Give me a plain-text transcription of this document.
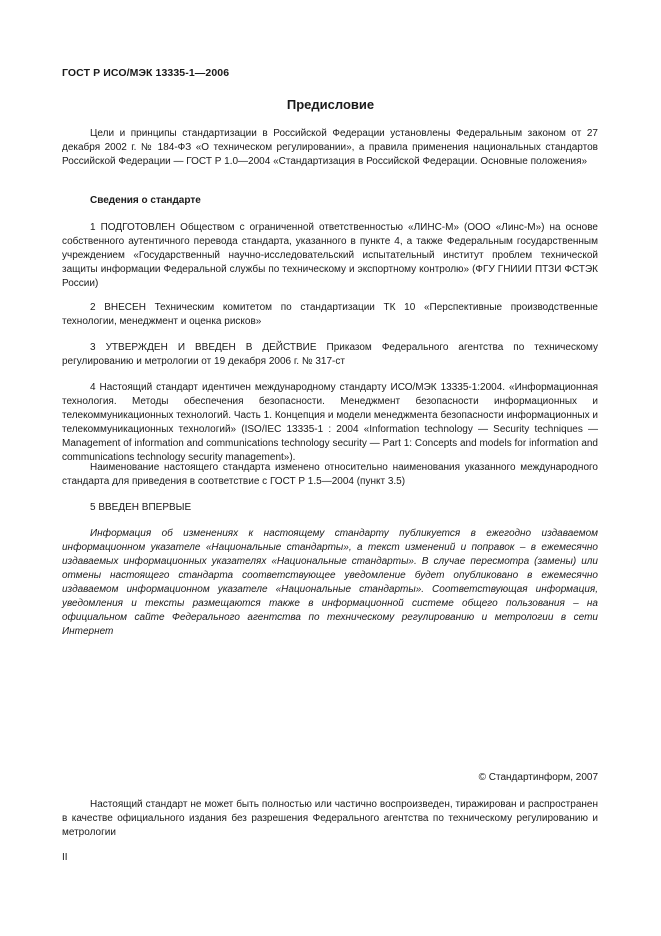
ГОСТ Р ИСО/МЭК 13335-1—2006
Предисловие

Цели и принципы стандартизации в Российской Федерации установлены Федеральным законом от 27 декабря 2002 г. № 184-ФЗ «О техническом регулировании», а правила применения национальных стандартов Российской Федерации — ГОСТ Р 1.0—2004 «Стандартизация в Российской Федерации. Основные положения»

Сведения о стандарте

1 ПОДГОТОВЛЕН Обществом с ограниченной ответственностью «ЛИНС-М» (ООО «Линс-М») на основе собственного аутентичного перевода стандарта, указанного в пункте 4, а также Федеральным государственным учреждением «Государственный научно-исследовательский испытательный институт проблем технической защиты информации Федеральной службы по техническому и экспортному контролю» (ФГУ ГНИИИ ПТЗИ ФСТЭК России)

2 ВНЕСЕН Техническим комитетом по стандартизации ТК 10 «Перспективные производственные технологии, менеджмент и оценка рисков»

3 УТВЕРЖДЕН И ВВЕДЕН В ДЕЙСТВИЕ Приказом Федерального агентства по техническому регулированию и метрологии от 19 декабря 2006 г. № 317-ст

4 Настоящий стандарт идентичен международному стандарту ИСО/МЭК 13335-1:2004. «Информационная технология. Методы обеспечения безопасности. Менеджмент безопасности информационных и телекоммуникационных технологий. Часть 1. Концепция и модели менеджмента безопасности информационных и телекоммуникационных технологий» (ISO/IEC 13335-1 : 2004 «Information technology — Security techniques — Management of information and communications technology security — Part 1: Concepts and models for information and communications technology security management»).

Наименование настоящего стандарта изменено относительно наименования указанного международного стандарта для приведения в соответствие с ГОСТ Р 1.5—2004 (пункт 3.5)

5 ВВЕДЕН ВПЕРВЫЕ

Информация об изменениях к настоящему стандарту публикуется в ежегодно издаваемом информационном указателе «Национальные стандарты», а текст изменений и поправок – в ежемесячно издаваемых информационных указателях «Национальные стандарты». В случае пересмотра (замены) или отмены настоящего стандарта соответствующее уведомление будет опубликовано в ежемесячно издаваемом информационном указателе «Национальные стандарты». Соответствующая информация, уведомления и тексты размещаются также в информационной системе общего пользования – на официальном сайте Федерального агентства по техническому регулированию и метрологии в сети Интернет

© Стандартинформ, 2007

Настоящий стандарт не может быть полностью или частично воспроизведен, тиражирован и распространен в качестве официального издания без разрешения Федерального агентства по техническому регулированию и метрологии

II
